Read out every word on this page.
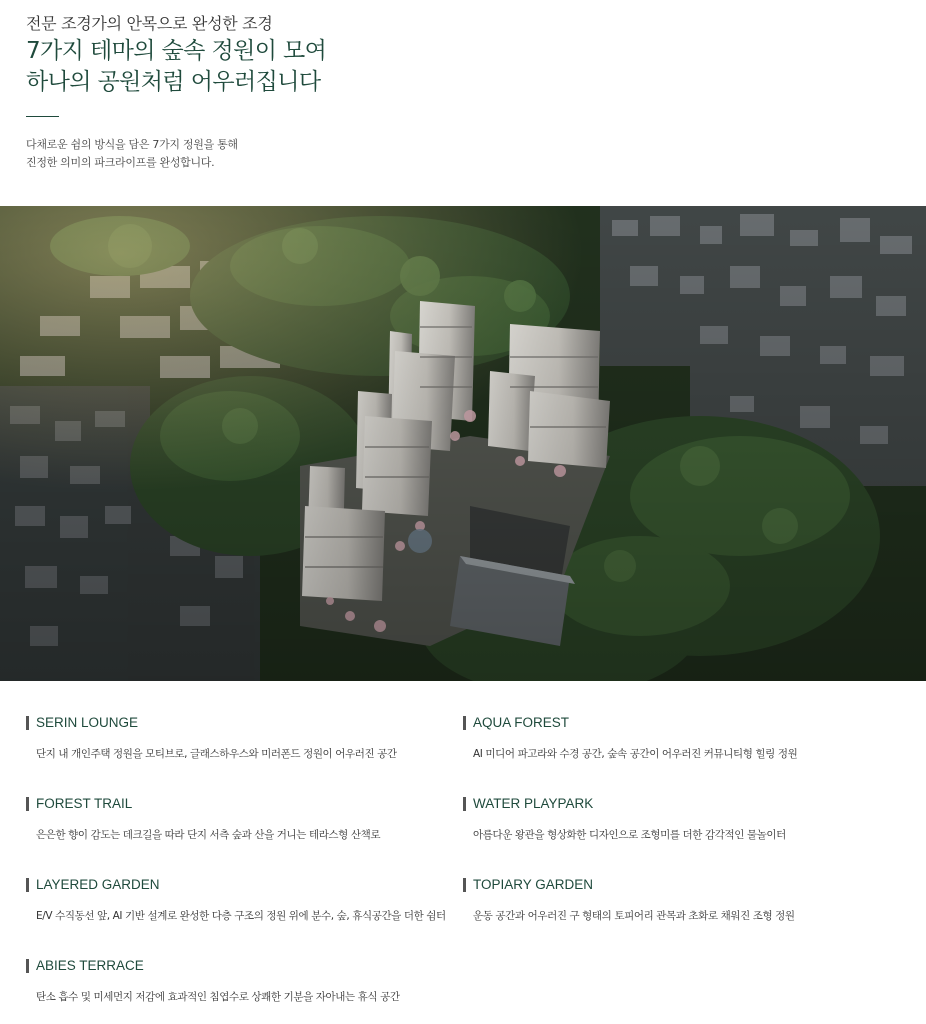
전문 조경가의 안목으로 완성한 조경

7가지 테마의 숲속 정원이 모여
하나의 공원처럼 어우러집니다

다채로운 쉼의 방식을 담은 7가지 정원을 통해
진정한 의미의 파크라이프를 완성합니다.

SERIN LOUNGE
단지 내 개인주택 정원을 모티브로, 글래스하우스와 미러폰드 정원이 어우러진 공간
AQUA FOREST
AI 미디어 파고라와 수경 공간, 숲속 공간이 어우러진 커뮤니티형 힐링 정원
FOREST TRAIL
은은한 향이 감도는 데크길을 따라 단지 서측 숲과 산을 거니는 테라스형 산책로
WATER PLAYPARK
아름다운 왕관을 형상화한 디자인으로 조형미를 더한 감각적인 물놀이터
LAYERED GARDEN
E/V 수직동선 앞, AI 기반 설계로 완성한 다층 구조의 정원 위에 분수, 숲, 휴식공간을 더한 쉼터
TOPIARY GARDEN
운동 공간과 어우러진 구 형태의 토피어리 관목과 초화로 채워진 조형 정원
ABIES TERRACE
탄소 흡수 및 미세먼지 저감에 효과적인 침엽수로 상쾌한 기분을 자아내는 휴식 공간
